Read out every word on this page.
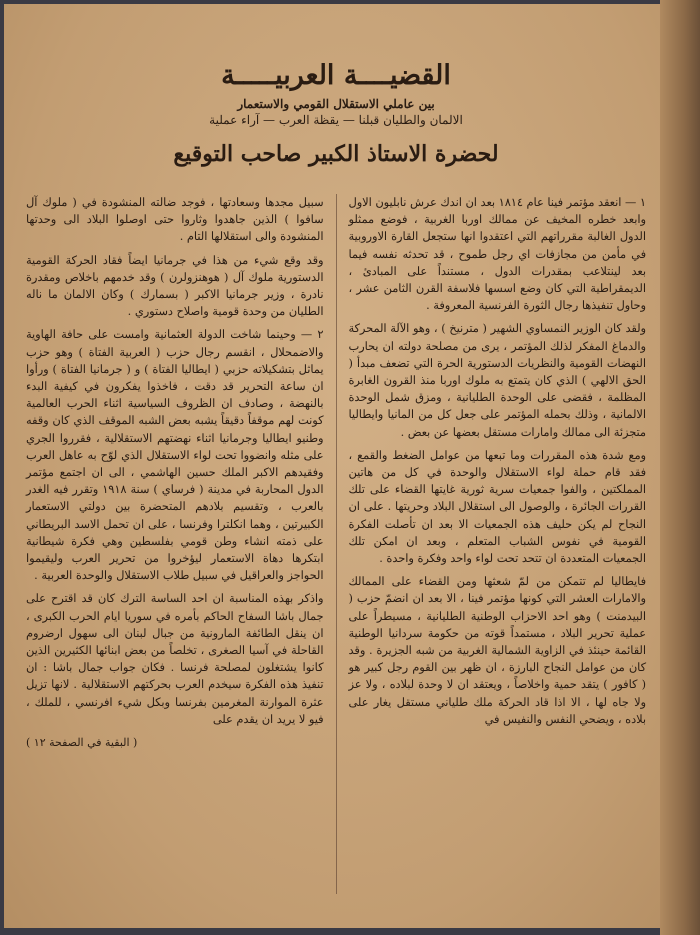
القضيــــة العربيـــــة
بين عاملي الاستقلال القومي والاستعمار
الالمان والطليان قبلنا — يقظة العرب — آراء عملية
لحضرة الاستاذ الكبير صاحب التوقيع

١ — انعقد مؤتمر فينا عام ١٨١٤ بعد ان اندك عرش نابليون الاول وابعد خطره المخيف عن ممالك اوربا الغربية ، فوضع ممثلو الدول الغالبة مقرراتهم التي اعتقدوا انها ستجعل القارة الاوروبية في مأمن من مجازفات اي رجل طموح ، قد تحدثه نفسه فيما بعد لينتلاعب بمقدرات الدول ، مستنداً على المبادئ ، الديمقراطية التي كان وضع اسسها فلاسفة القرن الثامن عشر ، وحاول تنفيذها رجال الثورة الفرنسية المعروفة .

ولقد كان الوزير النمساوي الشهير ( مترنيخ ) ، وهو الآلة المحركة والدماغ المفكر لذلك المؤتمر ، يرى من مصلحة دولته ان يحارب النهضات القومية والنظريات الدستورية الحرة التي تضعف مبدأ ( الحق الالهي ) الذي كان يتمتع به ملوك اوربا منذ القرون الغابرة المظلمة ، فقضى على الوحدة الطليانية ، ومزق شمل الوحدة الالمانية ، وذلك بحمله المؤتمر على جعل كل من المانيا وايطاليا متجزئة الى ممالك وامارات مستقل بعضها عن بعض .

ومع شدة هذه المقررات وما تبعها من عوامل الضغط والقمع ، فقد قام حملة لواء الاستقلال والوحدة في كل من هاتين المملكتين ، والفوا جمعيات سرية ثورية غايتها القضاء على تلك القررات الجائرة ، والوصول الى استقلال البلاد وحريتها . على ان النجاح لم يكن حليف هذه الجمعيات الا بعد ان تأصلت الفكرة القومية في نفوس الشباب المتعلم ، وبعد ان امكن تلك الجمعيات المتعددة ان تتحد تحت لواء واحد وفكرة واحدة .

فايطاليا لم تتمكن من لمّ شعثها ومن القضاء على الممالك والامارات العشر التي كونها مؤتمر فينا ، الا بعد ان انضمّ حزب ( البيدمنت ) وهو احد الاحزاب الوطنية الطليانية ، مسيطراً على عملية تحرير البلاد ، مستمداً قوته من حكومة سردانيا الوطنية القائمة حينئذ في الزاوية الشمالية الغربية من شبه الجزيرة . وقد كان من عوامل النجاح البارزة ، ان ظهر بين القوم رجل كبير هو ( كافور ) يتقد حمية واخلاصاً ، ويعتقد ان لا وحدة لبلاده ، ولا عز ولا جاه لها ، الا اذا قاد الحركة ملك طلياني مستقل يغار على بلاده ، ويضحي النفس والنفيس في

سبيل مجدها وسعادتها ، فوجد ضالته المنشودة في ( ملوك آل سافوا ) الذين جاهدوا وثاروا حتى اوصلوا البلاد الى وحدتها المنشودة والى استقلالها التام .

وقد وقع شيء من هذا في جرمانيا ايضاً فقاد الحركة القومية الدستورية ملوك آل ( هوهنزولرن ) وقد خدمهم باخلاص ومقدرة نادرة ، وزير جرمانيا الاكبر ( بسمارك ) وكان الالمان ما ناله الطليان من وحدة قومية واصلاح دستوري .

٢ — وحينما شاخت الدولة العثمانية وامست على حافة الهاوية والاضمحلال ، انقسم رجال حزب ( العربية الفتاة ) وهو حزب يماثل بتشكيلاته حزبي ( ايطاليا الفتاة ) و ( جرمانيا الفتاة ) ورأوا ان ساعة التحرير قد دقت ، فاخذوا يفكرون في كيفية البدء بالنهضة ، وصادف ان الظروف السياسية اثناء الحرب العالمية كونت لهم موقفاً دقيقاً يشبه بعض الشبه الموقف الذي كان وقفه وطنيو ايطاليا وجرمانيا اثناء نهضتهم الاستقلالية ، فقرروا الجري على مثله وانضووا تحت لواء الاستقلال الذي لوّح به عاهل العرب وفقيدهم الاكبر الملك حسين الهاشمي ، الى ان اجتمع مؤتمر الدول المحاربة في مدينة ( فرساي ) سنة ١٩١٨ وتقرر فيه الغدر بالعرب ، وتقسيم بلادهم المتحضرة بين دولتي الاستعمار الكبيرتين ، وهما انكلترا وفرنسا ، على ان تحمل الاسد البريطاني على ذمته انشاء وطن قومي بفلسطين وهي فكرة شيطانية ابتكرها دهاة الاستعمار ليؤخروا من تحرير العرب وليقيموا الحواجز والعراقيل في سبيل طلاب الاستقلال والوحدة العربية .

واذكر بهذه المناسبة ان احد الساسة الترك كان قد اقترح على جمال باشا السفاح الحاكم بأمره في سوريا ايام الحرب الكبرى ، ان ينقل الطائفة المارونية من جبال لبنان الى سهول ارضروم القاحلة في آسيا الصغرى ، تخلصاً من بعض ابنائها الكثيرين الذين كانوا يشتغلون لمصلحة فرنسا . فكان جواب جمال باشا : ان تنفيذ هذه الفكرة سيخدم العرب بحركتهم الاستقلالية . لانها تزيل عثرة الموارنة المغرمين بفرنسا وبكل شيء افرنسي ، للملك ، فيو لا يريد ان يقدم على

( البقية في الصفحة ١٢ )
